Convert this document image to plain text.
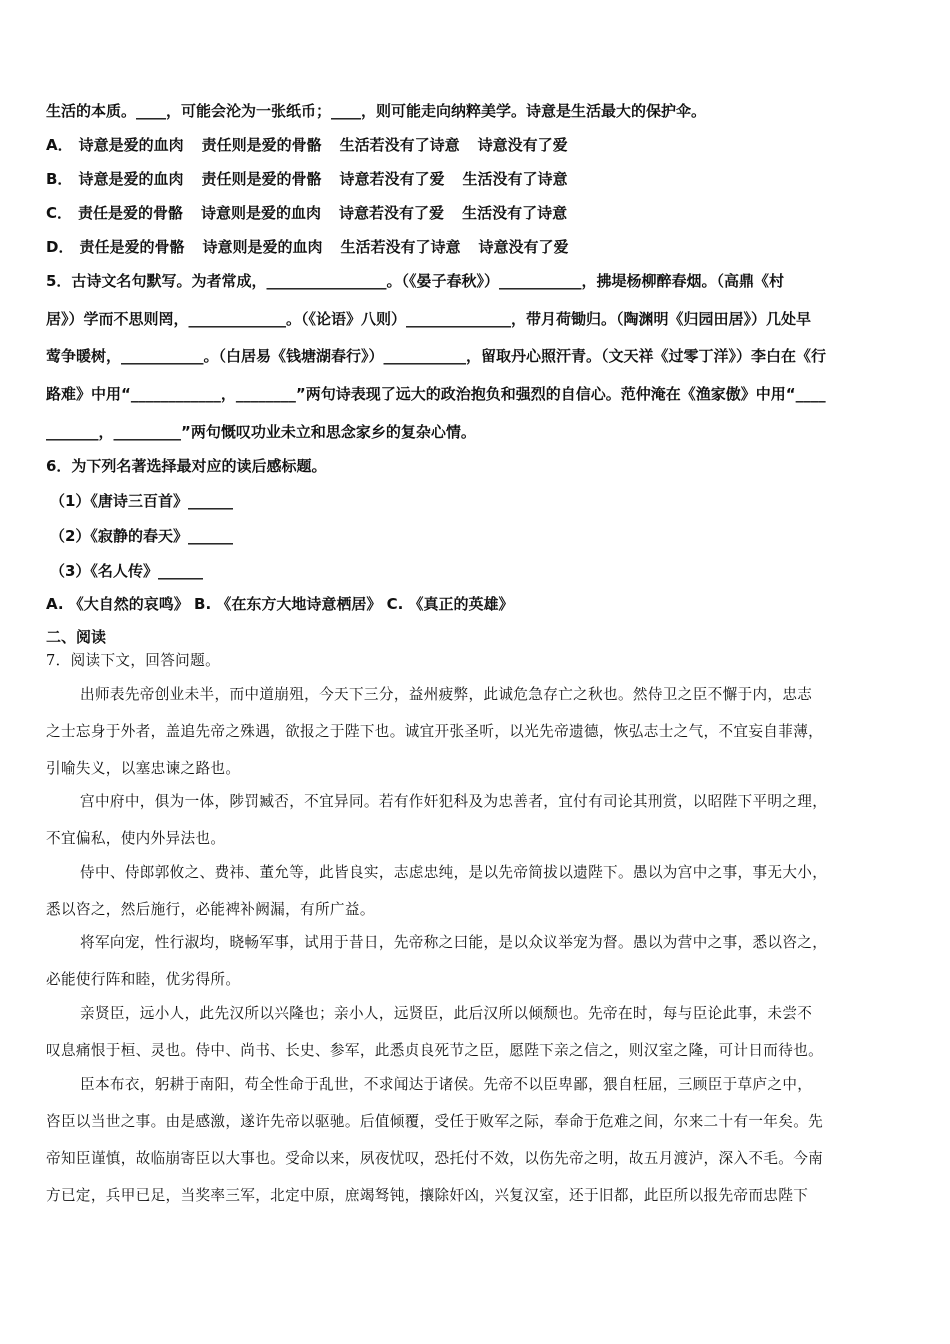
生活的本质。____，可能会沦为一张纸币；____，则可能走向纳粹美学。诗意是生活最大的保护伞。
A． 诗意是爱的血肉 责任则是爱的骨骼 生活若没有了诗意 诗意没有了爱
B． 诗意是爱的血肉 责任则是爱的骨骼 诗意若没有了爱 生活没有了诗意
C． 责任是爱的骨骼 诗意则是爱的血肉 诗意若没有了爱 生活没有了诗意
D． 责任是爱的骨骼 诗意则是爱的血肉 生活若没有了诗意 诗意没有了爱
5．古诗文名句默写。为者常成，________________。（《晏子春秋》）___________，拂堤杨柳醉春烟。（高鼎《村
居》）学而不思则罔，_____________。（《论语》八则）______________，带月荷锄归。（陶渊明《归园田居》）几处早
莺争暖树，___________。（白居易《钱塘湖春行》）___________，留取丹心照汗青。（文天祥《过零丁洋》）李白在《行
路难》中用“____________，________”两句诗表现了远大的政治抱负和强烈的自信心。范仲淹在《渔家傲》中用“____
_______，_________”两句慨叹功业未立和思念家乡的复杂心情。
6．为下列名著选择最对应的读后感标题。
（1）《唐诗三百首》______
（2）《寂静的春天》______
（3）《名人传》______
A. 《大自然的哀鸣》 B. 《在东方大地诗意栖居》 C. 《真正的英雄》
二、阅读
7．阅读下文，回答问题。
出师表先帝创业未半，而中道崩殂，今天下三分，益州疲弊，此诚危急存亡之秋也。然侍卫之臣不懈于内，忠志
之士忘身于外者，盖追先帝之殊遇，欲报之于陛下也。诚宜开张圣听，以光先帝遗德，恢弘志士之气，不宜妄自菲薄，
引喻失义，以塞忠谏之路也。
宫中府中，俱为一体，陟罚臧否，不宜异同。若有作奸犯科及为忠善者，宜付有司论其刑赏，以昭陛下平明之理，
不宜偏私，使内外异法也。
侍中、侍郎郭攸之、费祎、董允等，此皆良实，志虑忠纯，是以先帝简拔以遗陛下。愚以为宫中之事，事无大小，
悉以咨之，然后施行，必能裨补阙漏，有所广益。
将军向宠，性行淑均，晓畅军事，试用于昔日，先帝称之曰能，是以众议举宠为督。愚以为营中之事，悉以咨之，
必能使行阵和睦，优劣得所。
亲贤臣，远小人，此先汉所以兴隆也；亲小人，远贤臣，此后汉所以倾颓也。先帝在时，每与臣论此事，未尝不
叹息痛恨于桓、灵也。侍中、尚书、长史、参军，此悉贞良死节之臣，愿陛下亲之信之，则汉室之隆，可计日而待也。
臣本布衣，躬耕于南阳，苟全性命于乱世，不求闻达于诸侯。先帝不以臣卑鄙，猥自枉屈，三顾臣于草庐之中，
咨臣以当世之事。由是感激，遂许先帝以驱驰。后值倾覆，受任于败军之际，奉命于危难之间，尔来二十有一年矣。先
帝知臣谨慎，故临崩寄臣以大事也。受命以来，夙夜忧叹，恐托付不效，以伤先帝之明，故五月渡泸，深入不毛。今南
方已定，兵甲已足，当奖率三军，北定中原，庶竭驽钝，攘除奸凶，兴复汉室，还于旧都，此臣所以报先帝而忠陛下
